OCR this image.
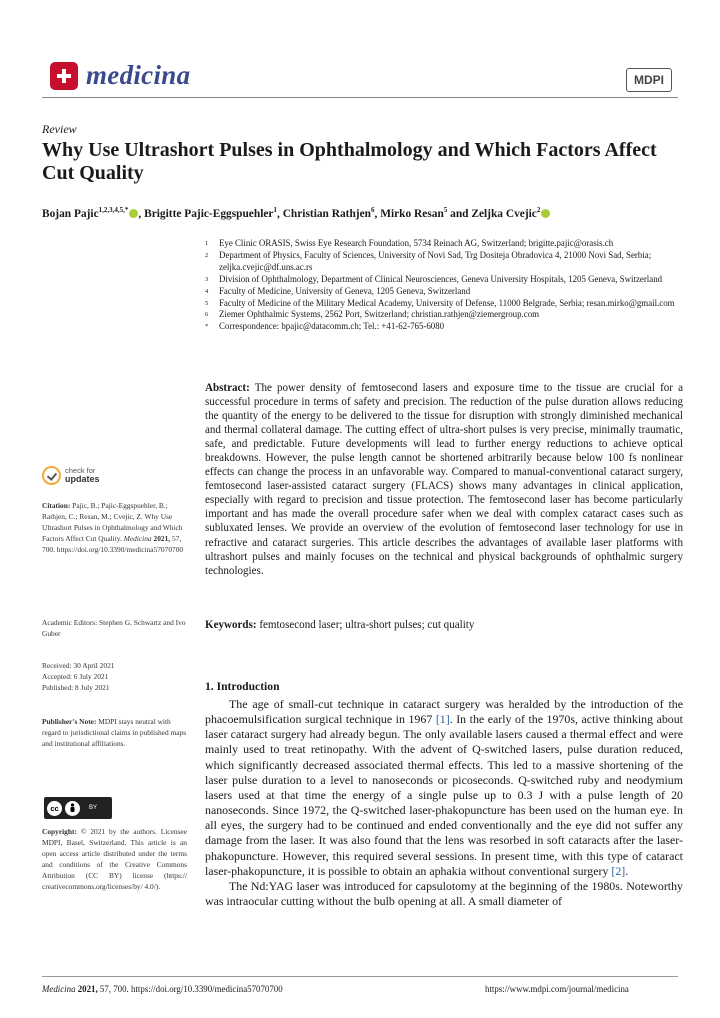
medicina	MDPI
Review
Why Use Ultrashort Pulses in Ophthalmology and Which Factors Affect Cut Quality
Bojan Pajic$^{1,2,3,4,5,*}$ , Brigitte Pajic-Eggspuehler$^1$, Christian Rathjen$^6$, Mirko Resan$^5$ and Zeljka Cvejic$^2$
1	Eye Clinic ORASIS, Swiss Eye Research Foundation, 5734 Reinach AG, Switzerland; brigitte.pajic@orasis.ch
2	Department of Physics, Faculty of Sciences, University of Novi Sad, Trg Dositeja Obradovica 4, 21000 Novi Sad, Serbia; zeljka.cvejic@df.uns.ac.rs
3	Division of Ophthalmology, Department of Clinical Neurosciences, Geneva University Hospitals, 1205 Geneva, Switzerland
4	Faculty of Medicine, University of Geneva, 1205 Geneva, Switzerland
5	Faculty of Medicine of the Military Medical Academy, University of Defense, 11000 Belgrade, Serbia; resan.mirko@gmail.com
6	Ziemer Ophthalmic Systems, 2562 Port, Switzerland; christian.rathjen@ziemergroup.com
*	Correspondence: bpajic@datacomm.ch; Tel.: +41-62-765-6080
Abstract: The power density of femtosecond lasers and exposure time to the tissue are crucial for a successful procedure in terms of safety and precision. The reduction of the pulse duration allows reducing the quantity of the energy to be delivered to the tissue for disruption with strongly diminished mechanical and thermal collateral damage. The cutting effect of ultra-short pulses is very precise, minimally traumatic, safe, and predictable. Future developments will lead to further energy reductions to achieve optical breakdowns. However, the pulse length cannot be shortened arbitrarily because below 100 fs nonlinear effects can change the process in an unfavorable way. Compared to manual-conventional cataract surgery, femtosecond laser-assisted cataract surgery (FLACS) shows many advantages in clinical application, especially with regard to precision and tissue protection. The femtosecond laser has become particularly important and has made the overall procedure safer when we deal with complex cataract cases such as subluxated lenses. We provide an overview of the evolution of femtosecond laser technology for use in refractive and cataract surgeries. This article describes the advantages of available laser platforms with ultrashort pulses and mainly focuses on the technical and physical backgrounds of ophthalmic surgery technologies.
Keywords: femtosecond laser; ultra-short pulses; cut quality
check for
updates
Citation: Pajic, B.; Pajic-Eggspuehler, B.; Rathjen, C.; Resan, M.; Cvejic, Z. Why Use Ultrashort Pulses in Ophthalmology and Which Factors Affect Cut Quality. Medicina 2021, 57, 700. https://doi.org/10.3390/medicina57070700
Academic Editors: Stephen G. Schwartz and Ivo Guber
Received: 30 April 2021
Accepted: 6 July 2021
Published: 8 July 2021
Publisher's Note: MDPI stays neutral with regard to jurisdictional claims in published maps and institutional affiliations.
cc	BY
Copyright: © 2021 by the authors. Licensee MDPI, Basel, Switzerland. This article is an open access article distributed under the terms and conditions of the Creative Commons Attribution (CC BY) license (https:// creativecommons.org/licenses/by/ 4.0/).
1. Introduction

The age of small-cut technique in cataract surgery was heralded by the introduction of the phacoemulsification surgical technique in 1967 [1]. In the early of the 1970s, active thinking about laser cataract surgery had already begun. The only available lasers caused a thermal effect and were mainly used to treat retinopathy. With the advent of Q-switched lasers, pulse duration reduced, which significantly decreased associated thermal effects. This led to a massive shortening of the laser pulse duration to a level to nanoseconds or picoseconds. Q-switched ruby and neodymium lasers used at that time the energy of a single pulse up to 0.3 J with a pulse length of 20 nanoseconds. Since 1972, the Q-switched laser-phakopuncture has been used on the human eye. In all eyes, the surgery had to be continued and ended conventionally and the eye did not suffer any damage from the laser. It was also found that the lens was resorbed in soft cataracts after the laser-phakopuncture. However, this required several sessions. In present time, with this type of cataract laser-phakopuncture, it is possible to obtain an aphakia without conventional surgery [2].

The Nd:YAG laser was introduced for capsulotomy at the beginning of the 1980s. Noteworthy was intraocular cutting without the bulb opening at all. A small diameter of

Medicina 2021, 57, 700. https://doi.org/10.3390/medicina57070700	https://www.mdpi.com/journal/medicina
